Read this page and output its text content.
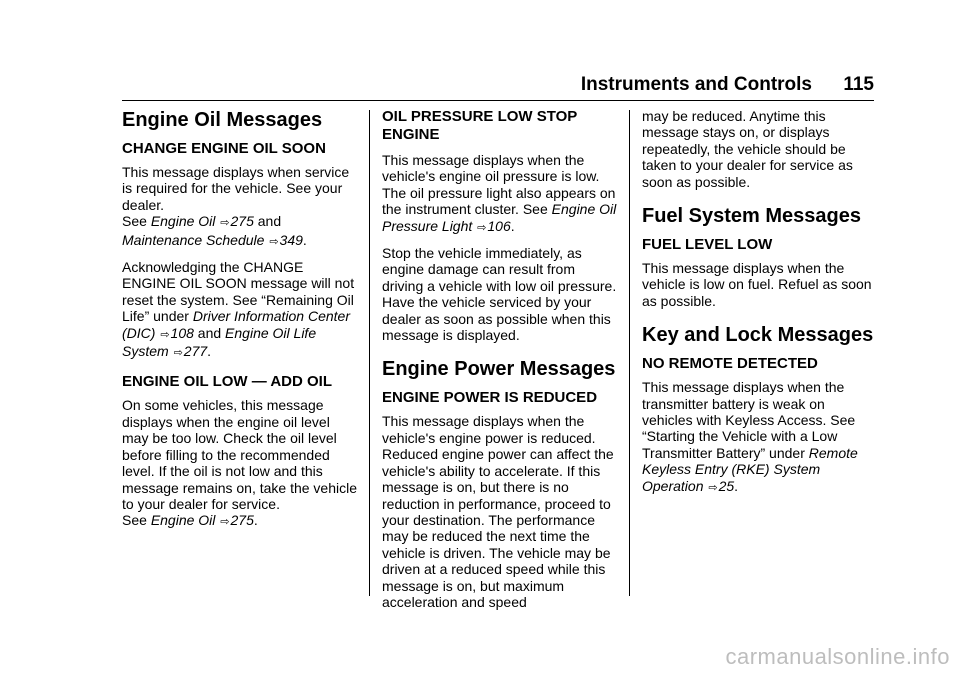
Instruments and Controls 115
Engine Oil Messages
CHANGE ENGINE OIL SOON

This message displays when service is required for the vehicle. See your dealer.
See Engine Oil ⇨275 and
Maintenance Schedule ⇨349.

Acknowledging the CHANGE ENGINE OIL SOON message will not reset the system. See “Remaining Oil Life” under Driver Information Center (DIC) ⇨108 and Engine Oil Life System ⇨277.

ENGINE OIL LOW — ADD OIL

On some vehicles, this message displays when the engine oil level may be too low. Check the oil level before filling to the recommended level. If the oil is not low and this message remains on, take the vehicle to your dealer for service.
See Engine Oil ⇨275.

OIL PRESSURE LOW STOP ENGINE

This message displays when the vehicle's engine oil pressure is low. The oil pressure light also appears on the instrument cluster. See Engine Oil Pressure Light ⇨106.

Stop the vehicle immediately, as engine damage can result from driving a vehicle with low oil pressure. Have the vehicle serviced by your dealer as soon as possible when this message is displayed.

Engine Power Messages
ENGINE POWER IS REDUCED

This message displays when the vehicle's engine power is reduced. Reduced engine power can affect the vehicle's ability to accelerate. If this message is on, but there is no reduction in performance, proceed to your destination. The performance may be reduced the next time the vehicle is driven. The vehicle may be driven at a reduced speed while this message is on, but maximum acceleration and speed

may be reduced. Anytime this message stays on, or displays repeatedly, the vehicle should be taken to your dealer for service as soon as possible.

Fuel System Messages
FUEL LEVEL LOW

This message displays when the vehicle is low on fuel. Refuel as soon as possible.

Key and Lock Messages
NO REMOTE DETECTED

This message displays when the transmitter battery is weak on vehicles with Keyless Access. See “Starting the Vehicle with a Low Transmitter Battery” under Remote Keyless Entry (RKE) System Operation ⇨25.

carmanualsonline.info
